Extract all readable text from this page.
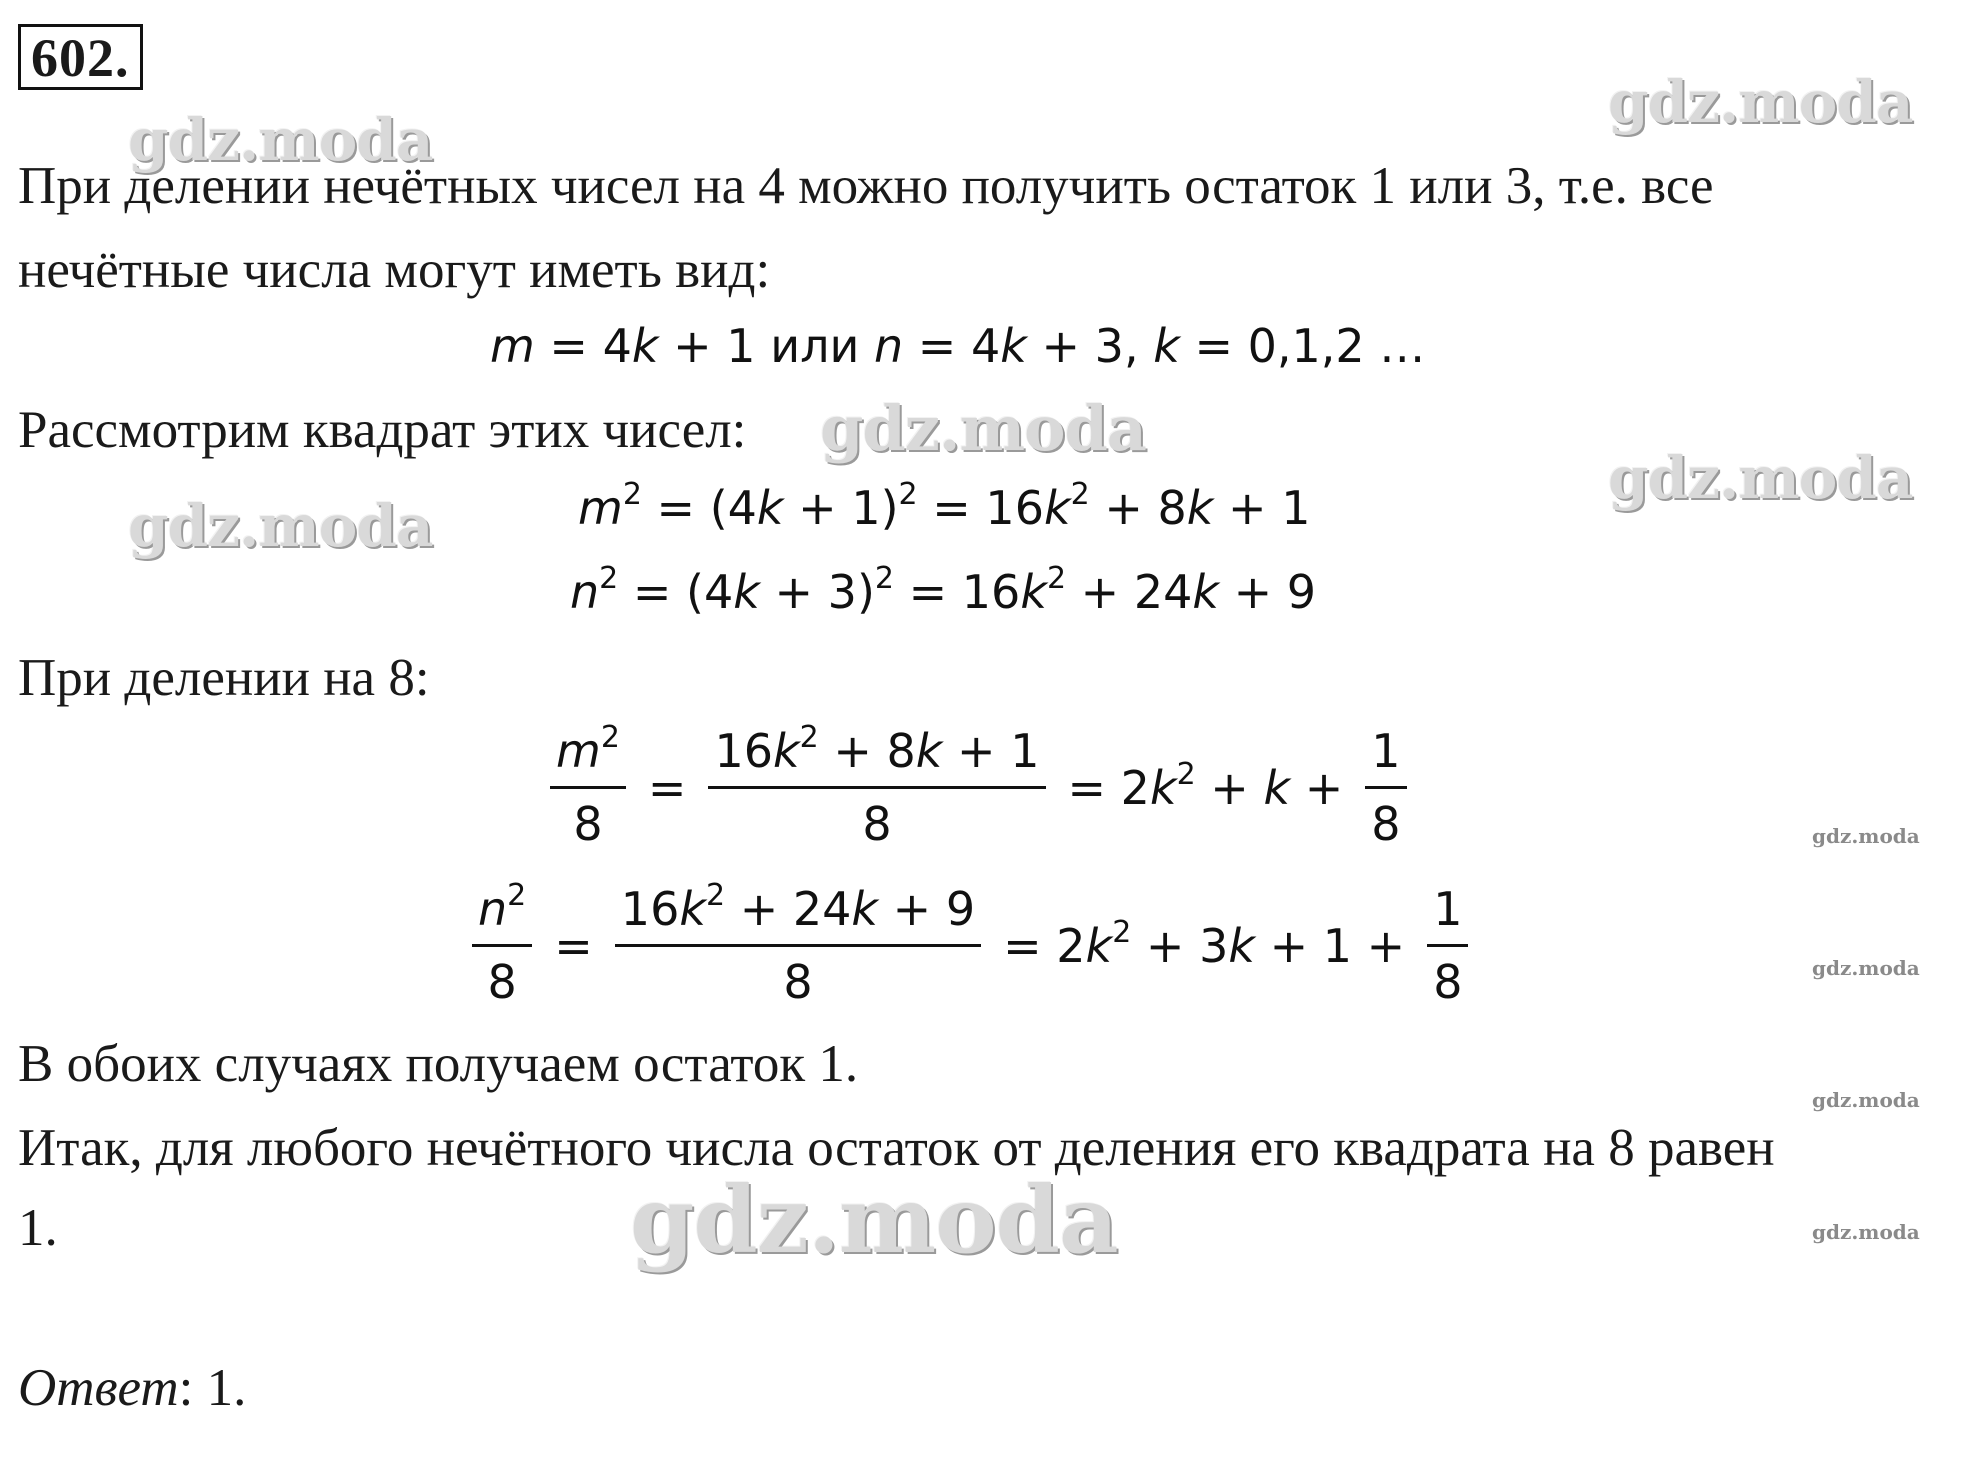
602.
При делении нечётных чисел на 4 можно получить остаток 1 или 3, т.е. все
нечётные числа могут иметь вид:
m = 4k + 1 или n = 4k + 3, k = 0,1,2 …
Рассмотрим квадрат этих чисел:
$m^2 = (4k + 1)^2 = 16k^2 + 8k + 1$
$n^2 = (4k + 3)^2 = 16k^2 + 24k + 9$
При делении на 8:
$\frac{m^2}{8} = \frac{16k^2 + 8k + 1}{8} = 2k^2 + k + \frac{1}{8}$
$\frac{n^2}{8} = \frac{16k^2 + 24k + 9}{8} = 2k^2 + 3k + 1 + \frac{1}{8}$
В обоих случаях получаем остаток 1.
Итак, для любого нечётного числа остаток от деления его квадрата на 8 равен
1.
Ответ: 1.
gdz.moda
gdz.moda
gdz.moda
gdz.moda
gdz.moda
gdz.moda
gdz.moda
gdz.moda
gdz.moda
gdz.moda
